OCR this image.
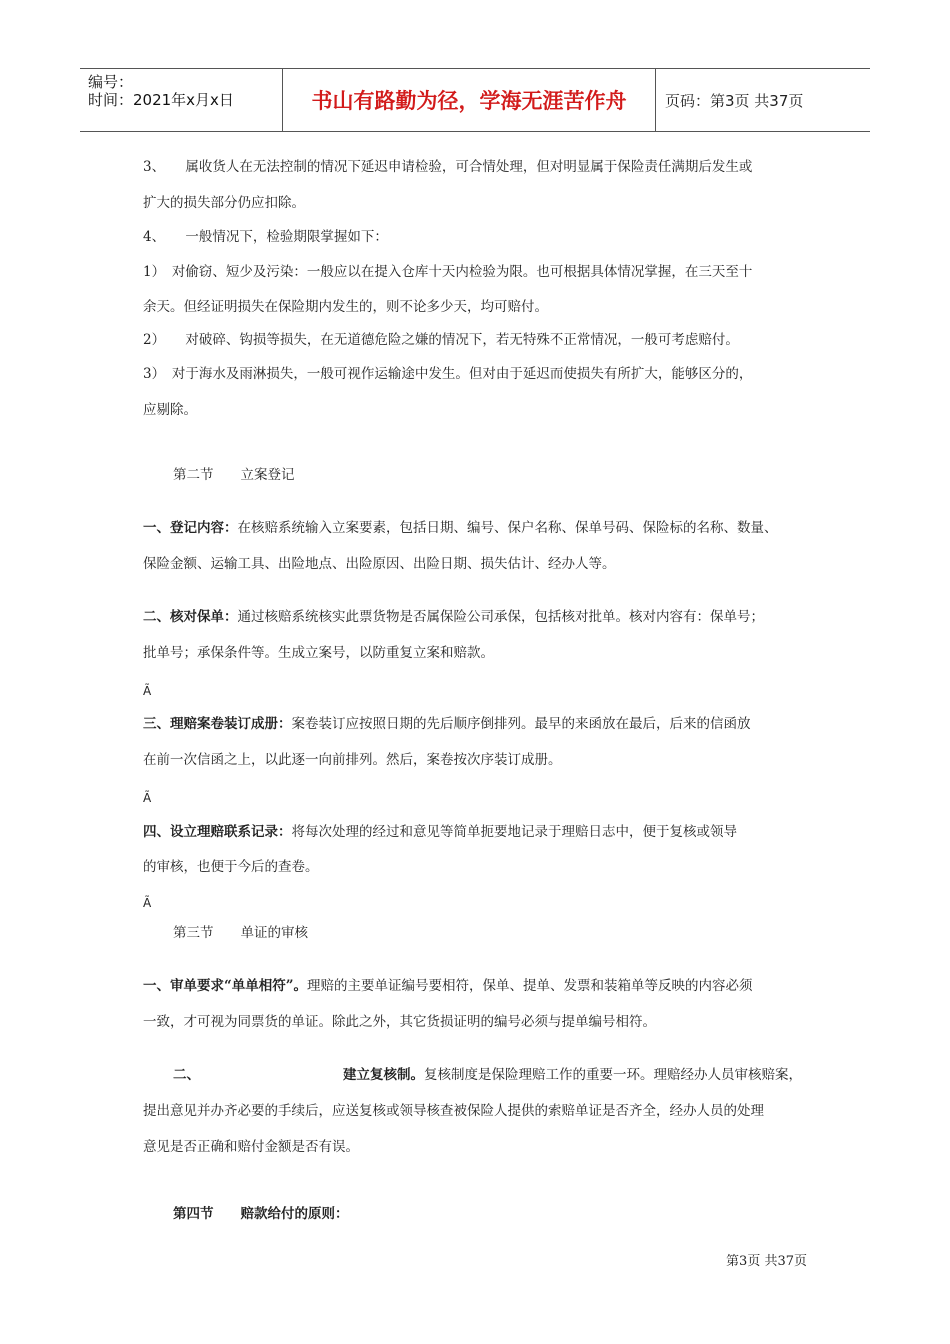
编号：
时间：2021年x月x日	书山有路勤为径，学海无涯苦作舟	页码：第3页 共37页
3、　　属收货人在无法控制的情况下延迟申请检验，可合情处理，但对明显属于保险责任满期后发生或
扩大的损失部分仍应扣除。
4、　　一般情况下，检验期限掌握如下：
1）　对偷窃、短少及污染：一般应以在提入仓库十天内检验为限。也可根据具体情况掌握，在三天至十
余天。但经证明损失在保险期内发生的，则不论多少天，均可赔付。
2）　　对破碎、钩损等损失，在无道德危险之嫌的情况下，若无特殊不正常情况，一般可考虑赔付。
3）　对于海水及雨淋损失，一般可视作运输途中发生。但对由于延迟而使损失有所扩大，能够区分的，
应剔除。
第二节　　立案登记
一、登记内容：在核赔系统输入立案要素，包括日期、编号、保户名称、保单号码、保险标的名称、数量、
保险金额、运输工具、出险地点、出险原因、出险日期、损失估计、经办人等。
二、核对保单：通过核赔系统核实此票货物是否属保险公司承保，包括核对批单。核对内容有：保单号；
批单号；承保条件等。生成立案号，以防重复立案和赔款。
Ã
三、理赔案卷装订成册：案卷装订应按照日期的先后顺序倒排列。最早的来函放在最后，后来的信函放
在前一次信函之上，以此逐一向前排列。然后，案卷按次序装订成册。
Ã
四、设立理赔联系记录：将每次处理的经过和意见等简单扼要地记录于理赔日志中，便于复核或领导
的审核，也便于今后的查卷。
Ã
第三节　　单证的审核
一、审单要求“单单相符”。理赔的主要单证编号要相符，保单、提单、发票和装箱单等反映的内容必须
一致，才可视为同票货的单证。除此之外，其它货损证明的编号必须与提单编号相符。
二、	建立复核制。复核制度是保险理赔工作的重要一环。理赔经办人员审核赔案，
提出意见并办齐必要的手续后，应送复核或领导核查被保险人提供的索赔单证是否齐全，经办人员的处理
意见是否正确和赔付金额是否有误。
第四节　　赔款给付的原则：
第3页 共37页
